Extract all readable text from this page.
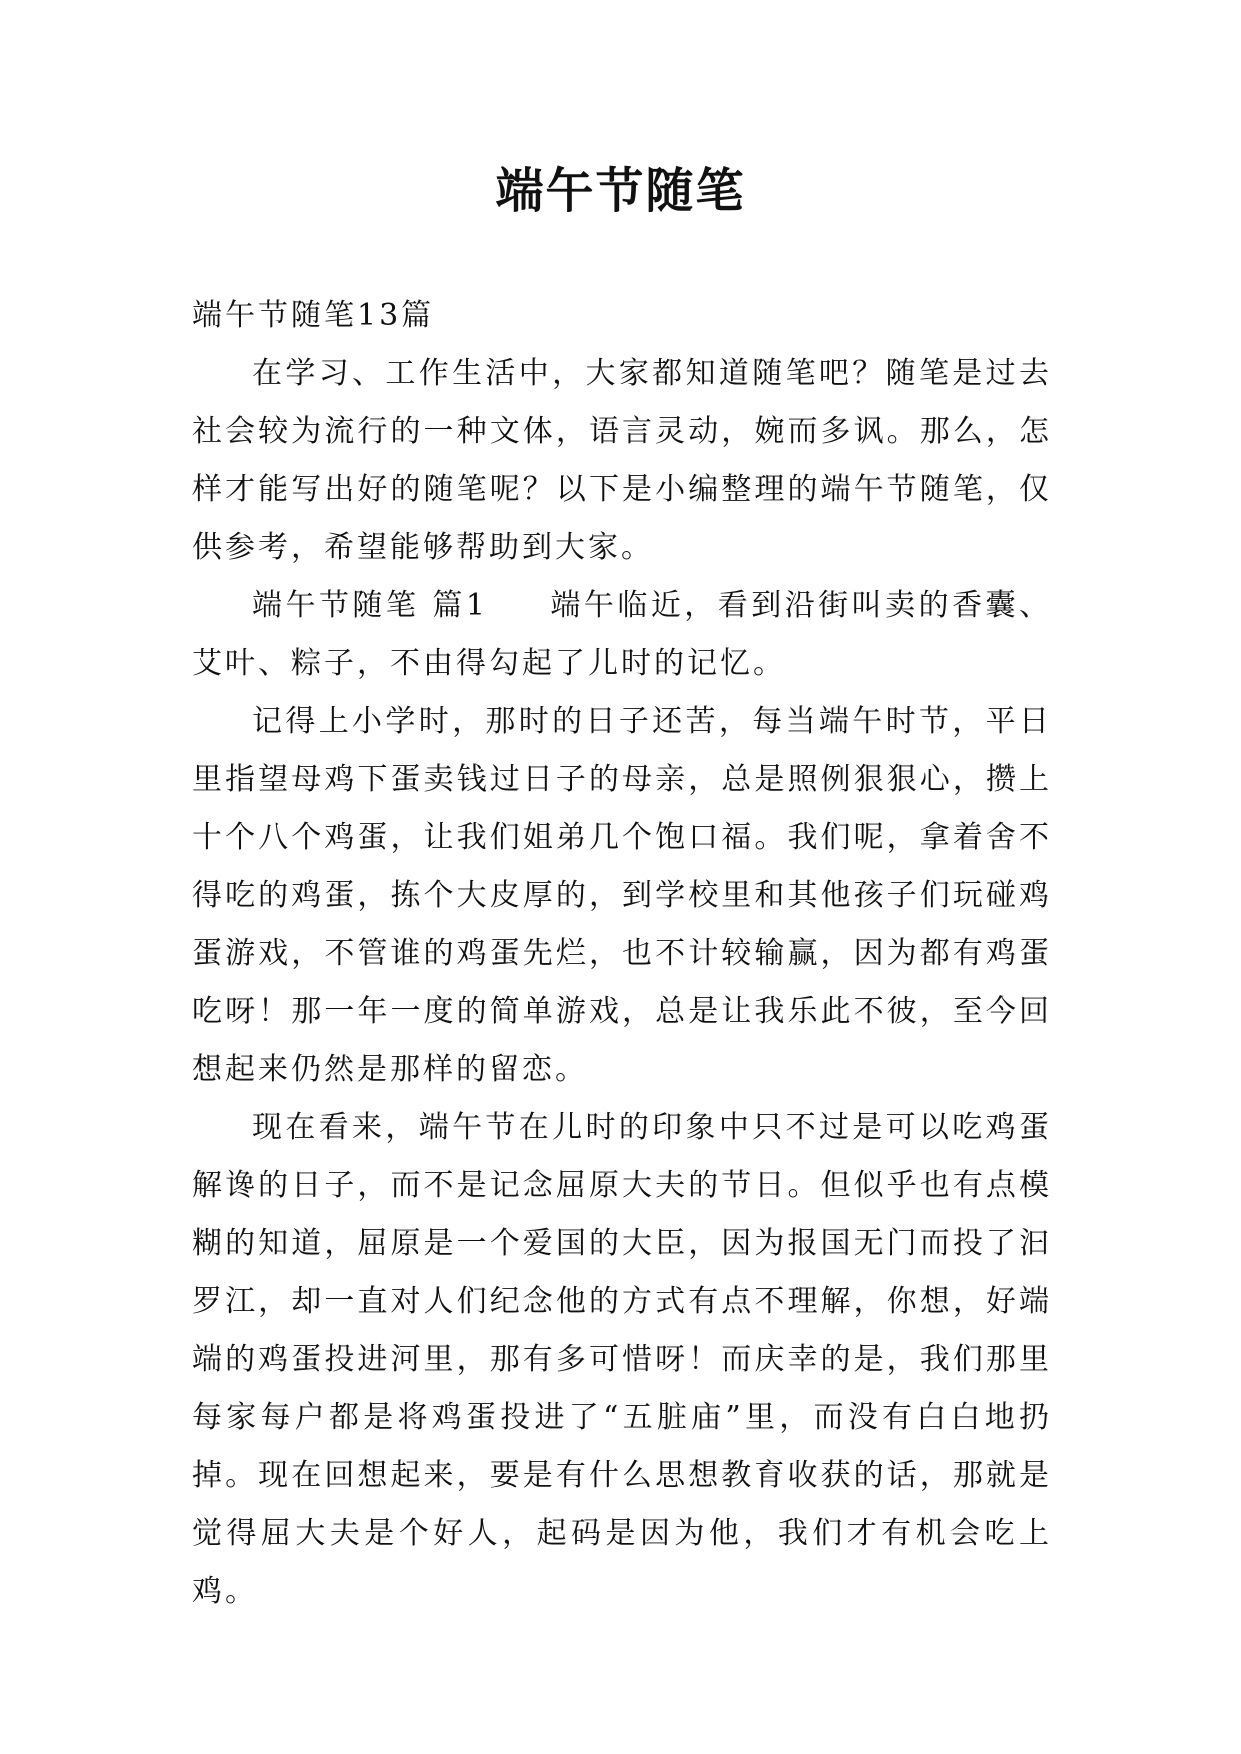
端午节随笔

端午节随笔13篇

在学习、工作生活中，大家都知道随笔吧？随笔是过去社会较为流行的一种文体，语言灵动，婉而多讽。那么，怎样才能写出好的随笔呢？以下是小编整理的端午节随笔，仅供参考，希望能够帮助到大家。

端午节随笔 篇1 端午临近，看到沿街叫卖的香囊、艾叶、粽子，不由得勾起了儿时的记忆。

记得上小学时，那时的日子还苦，每当端午时节，平日里指望母鸡下蛋卖钱过日子的母亲，总是照例狠狠心，攒上十个八个鸡蛋，让我们姐弟几个饱口福。我们呢，拿着舍不得吃的鸡蛋，拣个大皮厚的，到学校里和其他孩子们玩碰鸡蛋游戏，不管谁的鸡蛋先烂，也不计较输赢，因为都有鸡蛋吃呀！那一年一度的简单游戏，总是让我乐此不彼，至今回想起来仍然是那样的留恋。

现在看来，端午节在儿时的印象中只不过是可以吃鸡蛋解谗的日子，而不是记念屈原大夫的节日。但似乎也有点模糊的知道，屈原是一个爱国的大臣，因为报国无门而投了汩罗江，却一直对人们纪念他的方式有点不理解，你想，好端端的鸡蛋投进河里，那有多可惜呀！而庆幸的是，我们那里每家每户都是将鸡蛋投进了“五脏庙”里，而没有白白地扔掉。现在回想起来，要是有什么思想教育收获的话，那就是觉得屈大夫是个好人，起码是因为他，我们才有机会吃上鸡。
